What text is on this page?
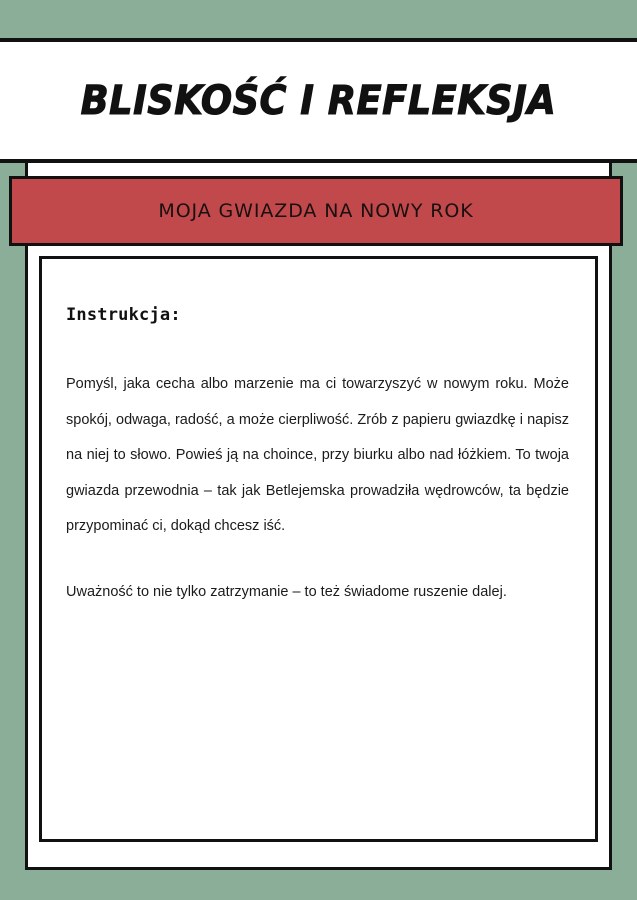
BLISKOŚĆ I REFLEKSJA
MOJA GWIAZDA NA NOWY ROK

Instrukcja:

Pomyśl, jaka cecha albo marzenie ma ci towarzyszyć w nowym roku. Może spokój, odwaga, radość, a może cierpliwość. Zrób z papieru gwiazdkę i napisz na niej to słowo. Powieś ją na choince, przy biurku albo nad łóżkiem. To twoja gwiazda przewodnia – tak jak Betlejemska prowadziła wędrowców, ta będzie przypominać ci, dokąd chcesz iść.

Uważność to nie tylko zatrzymanie – to też świadome ruszenie dalej.
